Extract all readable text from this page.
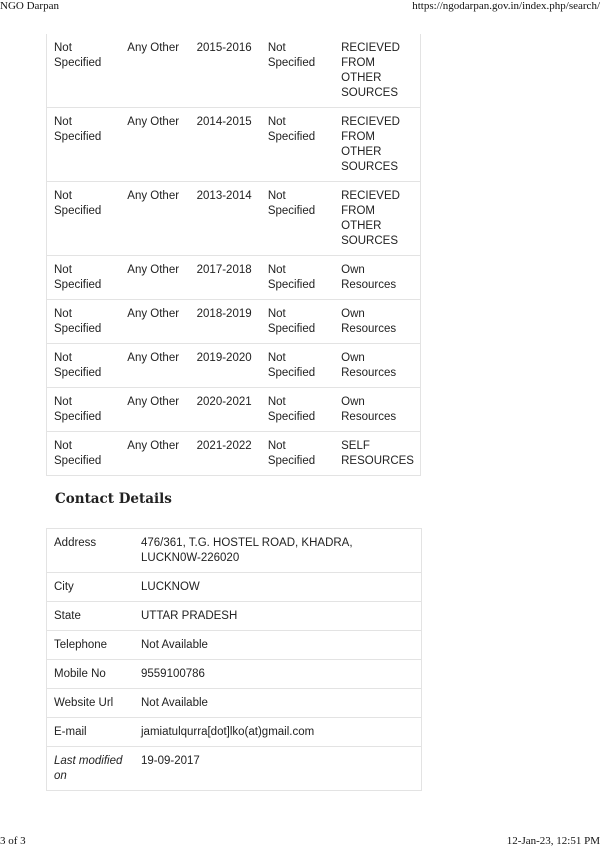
NGO Darpan	https://ngodarpan.gov.in/index.php/search/
Not Specified	Any Other	2015-2016	Not Specified	RECIEVED FROM OTHER SOURCES
Not Specified	Any Other	2014-2015	Not Specified	RECIEVED FROM OTHER SOURCES
Not Specified	Any Other	2013-2014	Not Specified	RECIEVED FROM OTHER SOURCES
Not Specified	Any Other	2017-2018	Not Specified	Own Resources
Not Specified	Any Other	2018-2019	Not Specified	Own Resources
Not Specified	Any Other	2019-2020	Not Specified	Own Resources
Not Specified	Any Other	2020-2021	Not Specified	Own Resources
Not Specified	Any Other	2021-2022	Not Specified	SELF RESOURCES
Contact Details
Address	476/361, T.G. HOSTEL ROAD, KHADRA, LUCKN0W-226020
City	LUCKNOW
State	UTTAR PRADESH
Telephone	Not Available
Mobile No	9559100786
Website Url	Not Available
E-mail	jamiatulqurra[dot]lko(at)gmail.com
Last modified on	19-09-2017
3 of 3	12-Jan-23, 12:51 PM
